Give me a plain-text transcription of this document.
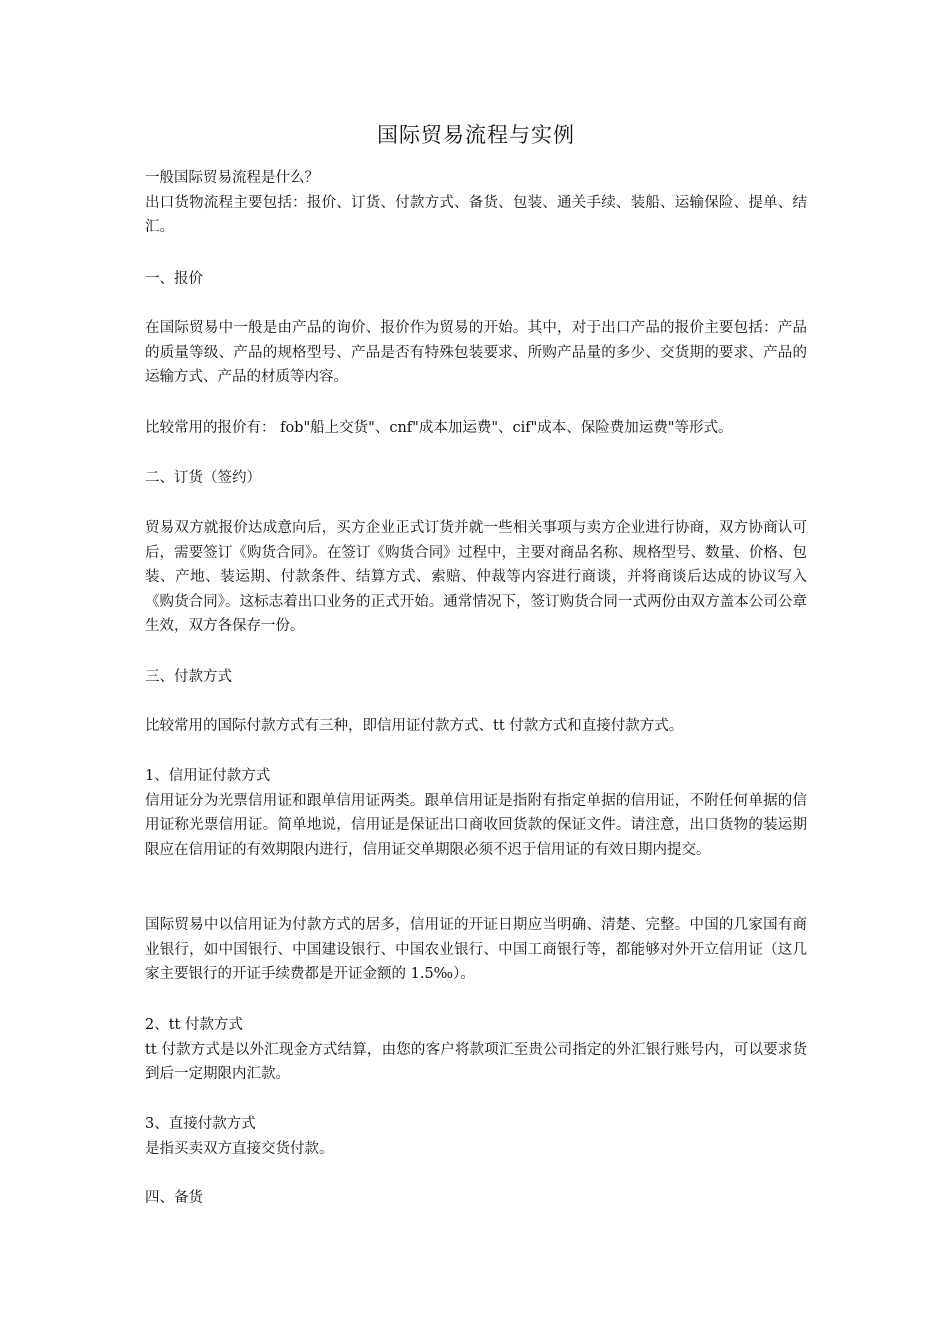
国际贸易流程与实例

一般国际贸易流程是什么？

出口货物流程主要包括：报价、订货、付款方式、备货、包装、通关手续、装船、运输保险、提单、结汇。

一、报价

在国际贸易中一般是由产品的询价、报价作为贸易的开始。其中，对于出口产品的报价主要包括：产品的质量等级、产品的规格型号、产品是否有特殊包装要求、所购产品量的多少、交货期的要求、产品的运输方式、产品的材质等内容。

比较常用的报价有： fob"船上交货"、cnf"成本加运费"、cif"成本、保险费加运费"等形式。

二、订货（签约）

贸易双方就报价达成意向后，买方企业正式订货并就一些相关事项与卖方企业进行协商，双方协商认可后，需要签订《购货合同》。在签订《购货合同》过程中，主要对商品名称、规格型号、数量、价格、包装、产地、装运期、付款条件、结算方式、索赔、仲裁等内容进行商谈，并将商谈后达成的协议写入《购货合同》。这标志着出口业务的正式开始。通常情况下，签订购货合同一式两份由双方盖本公司公章生效，双方各保存一份。

三、付款方式

比较常用的国际付款方式有三种，即信用证付款方式、tt 付款方式和直接付款方式。

1、信用证付款方式

信用证分为光票信用证和跟单信用证两类。跟单信用证是指附有指定单据的信用证，不附任何单据的信用证称光票信用证。简单地说，信用证是保证出口商收回货款的保证文件。请注意，出口货物的装运期限应在信用证的有效期限内进行，信用证交单期限必须不迟于信用证的有效日期内提交。

国际贸易中以信用证为付款方式的居多，信用证的开证日期应当明确、清楚、完整。中国的几家国有商业银行，如中国银行、中国建设银行、中国农业银行、中国工商银行等，都能够对外开立信用证（这几家主要银行的开证手续费都是开证金额的 1.5‰）。

2、tt 付款方式

tt 付款方式是以外汇现金方式结算，由您的客户将款项汇至贵公司指定的外汇银行账号内，可以要求货到后一定期限内汇款。

3、直接付款方式

是指买卖双方直接交货付款。

四、备货
